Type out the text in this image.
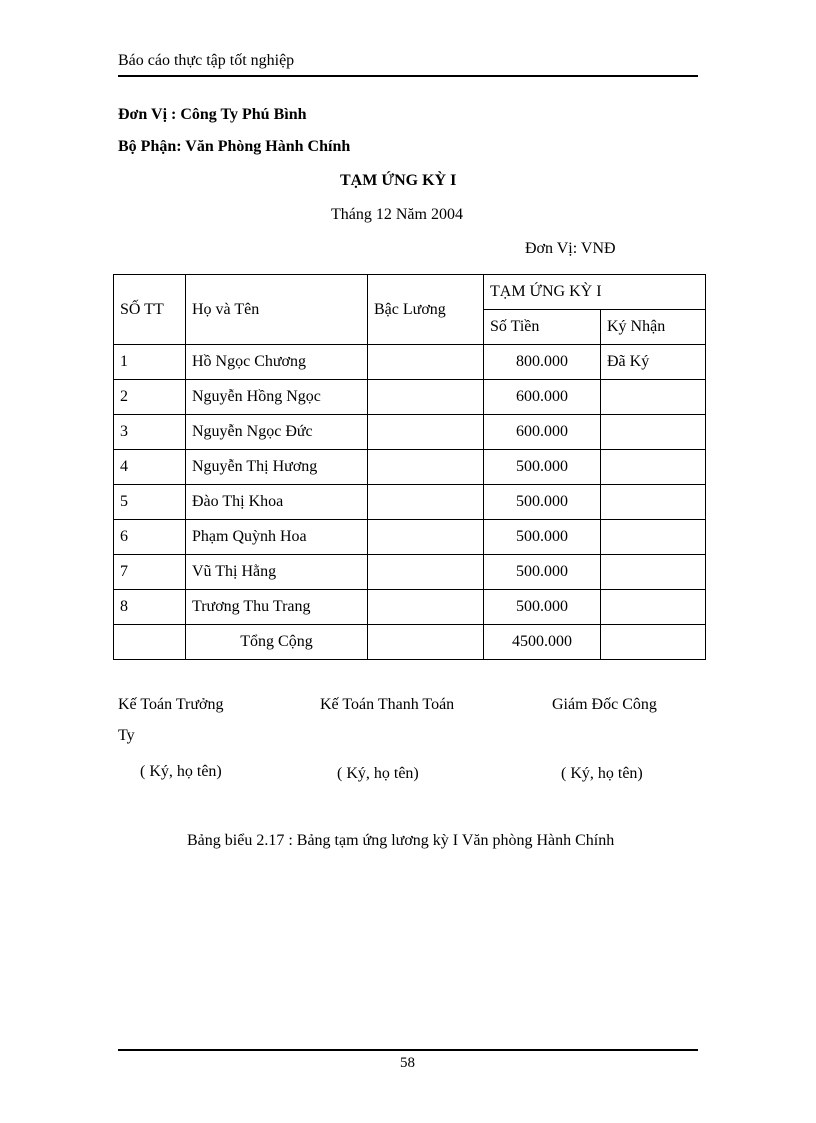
Báo cáo thực tập tốt nghiệp
Đơn Vị : Công Ty Phú Bình
Bộ Phận: Văn Phòng Hành Chính
TẠM ỨNG KỲ I
Tháng 12 Năm 2004
Đơn Vị: VNĐ
SỐ TT	Họ và Tên	Bậc Lương	TẠM ỨNG KỲ I	
			Số Tiền	Ký Nhận
1	Hồ Ngọc Chương		800.000	Đã Ký
2	Nguyễn Hồng Ngọc		600.000	
3	Nguyễn Ngọc Đức		600.000	
4	Nguyễn Thị Hương		500.000	
5	Đào Thị Khoa		500.000	
6	Phạm Quỳnh Hoa		500.000	
7	Vũ Thị Hằng		500.000	
8	Trương Thu Trang		500.000	
	Tổng Cộng		4500.000	
Kế Toán Trưởng	Kế Toán Thanh Toán	Giám Đốc Công
Ty
( Ký, họ tên)	( Ký, họ tên)	( Ký, họ tên)
Bảng biểu 2.17 : Bảng tạm ứng lương kỳ I Văn phòng Hành Chính
58
